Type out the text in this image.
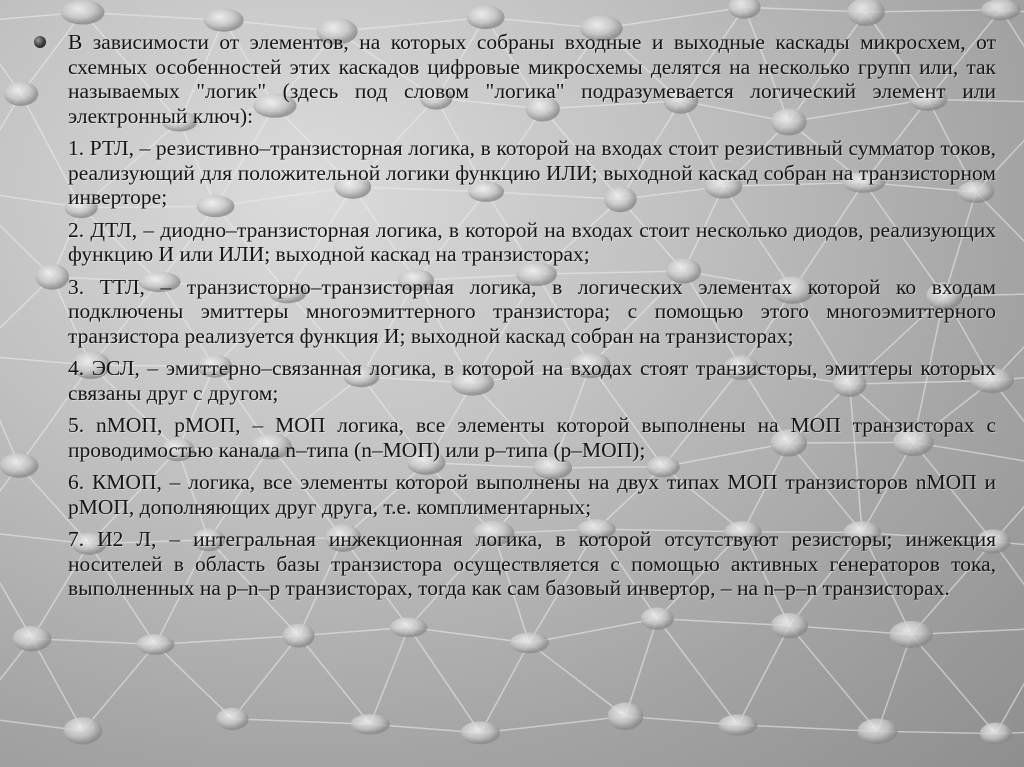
В зависимости от элементов, на которых собраны входные и выходные каскады микросхем, от схемных особенностей этих каскадов цифровые микросхемы делятся на несколько групп или, так называемых "логик" (здесь под словом "логика" подразумевается логический элемент или электронный ключ):
1. РТЛ, – резистивно–транзисторная логика, в которой на входах стоит резистивный сумматор токов, реализующий для положительной логики функцию ИЛИ; выходной каскад собран на транзисторном инверторе;
2. ДТЛ, – диодно–транзисторная логика, в которой на входах стоит несколько диодов, реализующих функцию И или ИЛИ; выходной каскад на транзисторах;
3. ТТЛ, – транзисторно–транзисторная логика, в логических элементах которой ко входам подключены эмиттеры многоэмиттерного транзистора; с помощью этого многоэмиттерного транзистора реализуется функция И; выходной каскад собран на транзисторах;
4. ЭСЛ, – эмиттерно–связанная логика, в которой на входах стоят транзисторы, эмиттеры которых связаны друг с другом;
5. nМОП, рМОП, – МОП логика, все элементы которой выполнены на МОП транзисторах с проводимостью канала n–типа (n–МОП) или p–типа (p–МОП);
6. КМОП, – логика, все элементы которой выполнены на двух типах МОП транзисторов nМОП и рМОП, дополняющих друг друга, т.е. комплиментарных;
7. И2 Л, – интегральная инжекционная логика, в которой отсутствуют резисторы; инжекция носителей в область базы транзистора осуществляется с помощью активных генераторов тока, выполненных на p–n–p транзисторах, тогда как сам базовый инвертор, – на n–p–n транзисторах.
